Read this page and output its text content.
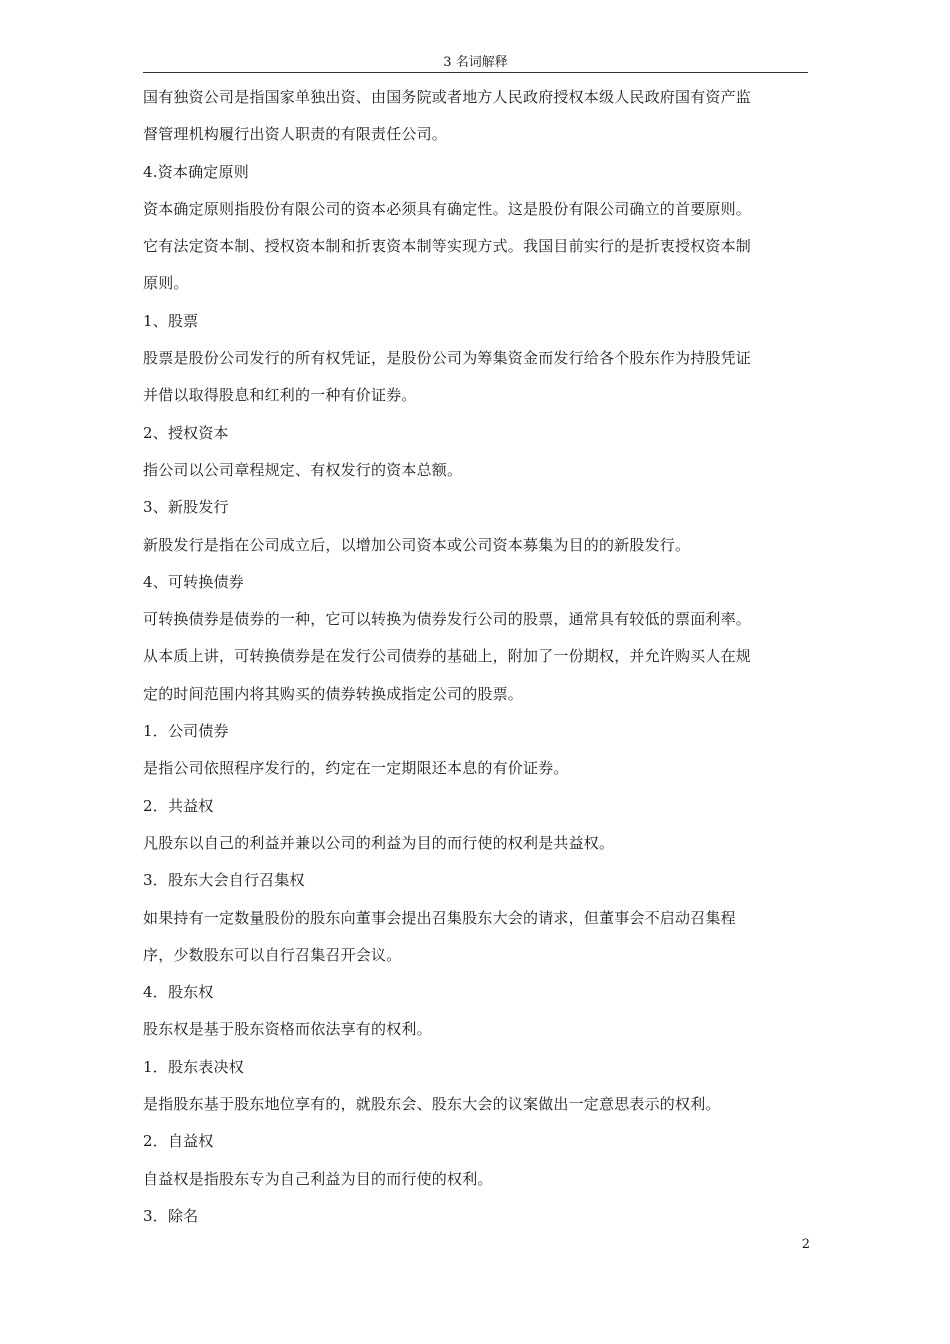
3 名词解释
国有独资公司是指国家单独出资、由国务院或者地方人民政府授权本级人民政府国有资产监
督管理机构履行出资人职责的有限责任公司。
4.资本确定原则
资本确定原则指股份有限公司的资本必须具有确定性。这是股份有限公司确立的首要原则。
它有法定资本制、授权资本制和折衷资本制等实现方式。我国目前实行的是折衷授权资本制
原则。
1、股票
股票是股份公司发行的所有权凭证，是股份公司为筹集资金而发行给各个股东作为持股凭证
并借以取得股息和红利的一种有价证券。
2、授权资本
指公司以公司章程规定、有权发行的资本总额。
3、新股发行
新股发行是指在公司成立后，以增加公司资本或公司资本募集为目的的新股发行。
4、可转换债券
可转换债券是债券的一种，它可以转换为债券发行公司的股票，通常具有较低的票面利率。
从本质上讲，可转换债券是在发行公司债券的基础上，附加了一份期权，并允许购买人在规
定的时间范围内将其购买的债券转换成指定公司的股票。
1．公司债券
是指公司依照程序发行的，约定在一定期限还本息的有价证券。
2．共益权
凡股东以自己的利益并兼以公司的利益为目的而行使的权利是共益权。
3．股东大会自行召集权
如果持有一定数量股份的股东向董事会提出召集股东大会的请求，但董事会不启动召集程
序，少数股东可以自行召集召开会议。
4．股东权
股东权是基于股东资格而依法享有的权利。
1．股东表决权
是指股东基于股东地位享有的，就股东会、股东大会的议案做出一定意思表示的权利。
2．自益权
自益权是指股东专为自己利益为目的而行使的权利。
3．除名
2
